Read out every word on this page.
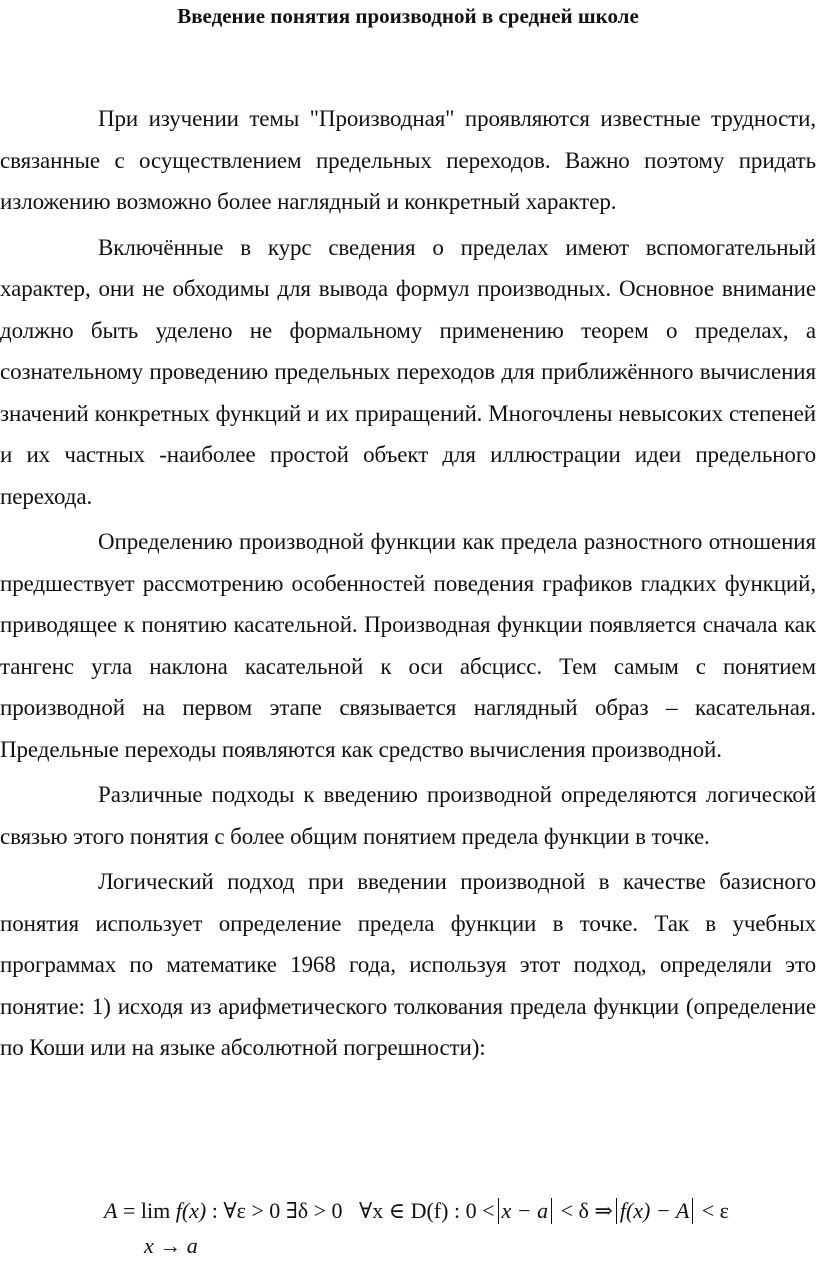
Введение понятия производной в средней школе

При изучении темы "Производная" проявляются известные трудности, связанные с осуществлением предельных переходов. Важно поэтому придать изложению возможно более наглядный и конкретный характер.

Включённые в курс сведения о пределах имеют вспомогательный характер, они не обходимы для вывода формул производных. Основное внимание должно быть уделено не формальному применению теорем о пределах, а сознательному проведению предельных переходов для приближённого вычисления значений конкретных функций и их приращений. Многочлены невысоких степеней и их частных -наиболее простой объект для иллюстрации идеи предельного перехода.

Определению производной функции как предела разностного отношения предшествует рассмотрению особенностей поведения графиков гладких функций, приводящее к понятию касательной. Производная функции появляется сначала как тангенс угла наклона касательной к оси абсцисс. Тем самым с понятием производной на первом этапе связывается наглядный образ – касательная. Предельные переходы появляются как средство вычисления производной.

Различные подходы к введению производной определяются логической связью этого понятия с более общим понятием предела функции в точке.

Логический подход при введении производной в качестве базисного понятия использует определение предела функции в точке. Так в учебных программах по математике 1968 года, используя этот подход, определяли это понятие: 1) исходя из арифметического толкования предела функции (определение по Коши или на языке абсолютной погрешности):

A = lim f(x) : ∀ε > 0 ∃δ > 0 ∀x ∈ D(f) : 0 < x − a < δ ⇒ f(x) − A < ε
x → a
